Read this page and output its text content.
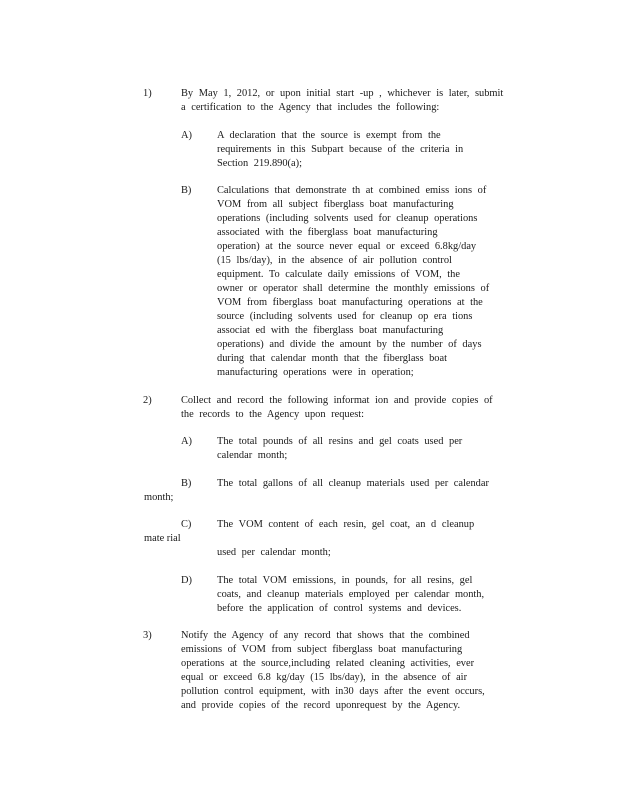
1)	By May 1, 2012, or upon initial start -up , whichever is later, submit
a certification to the Agency that includes the following:
A) A declaration that the source is exempt from the
requirements in this Subpart because of the criteria in
Section 219.890(a);
B) Calculations that demonstrate th at combined emiss ions of
VOM from all subject fiberglass boat manufacturing
operations (including solvents used for cleanup operations
associated with the fiberglass boat manufacturing
operation) at the source never equal or exceed 6.8kg/day
(15 lbs/day), in the absence of air pollution control
equipment. To calculate daily emissions of VOM, the
owner or operator shall determine the monthly emissions of
VOM from fiberglass boat manufacturing operations at the
source (including solvents used for cleanup op era tions
associat ed with the fiberglass boat manufacturing
operations) and divide the amount by the number of days
during that calendar month that the fiberglass boat
manufacturing operations were in operation;
2)	Collect and record the following informat ion and provide copies of
the records to the Agency upon request:
A) The total pounds of all resins and gel coats used per
calendar month;
B) The total gallons of all cleanup materials used per calendar
month;
C) The VOM content of each resin, gel coat, an d cleanup
mate rial
used per calendar month;
D) The total VOM emissions, in pounds, for all resins, gel
coats, and cleanup materials employed per calendar month,
before the application of control systems and devices.
3)	Notify the Agency of any record that shows that the combined
emissions of VOM from subject fiberglass boat manufacturing
operations at the source,including related cleaning activities, ever
equal or exceed 6.8 kg/day (15 lbs/day), in the absence of air
pollution control equipment, with in30 days after the event occurs,
and provide copies of the record uponrequest by the Agency.
